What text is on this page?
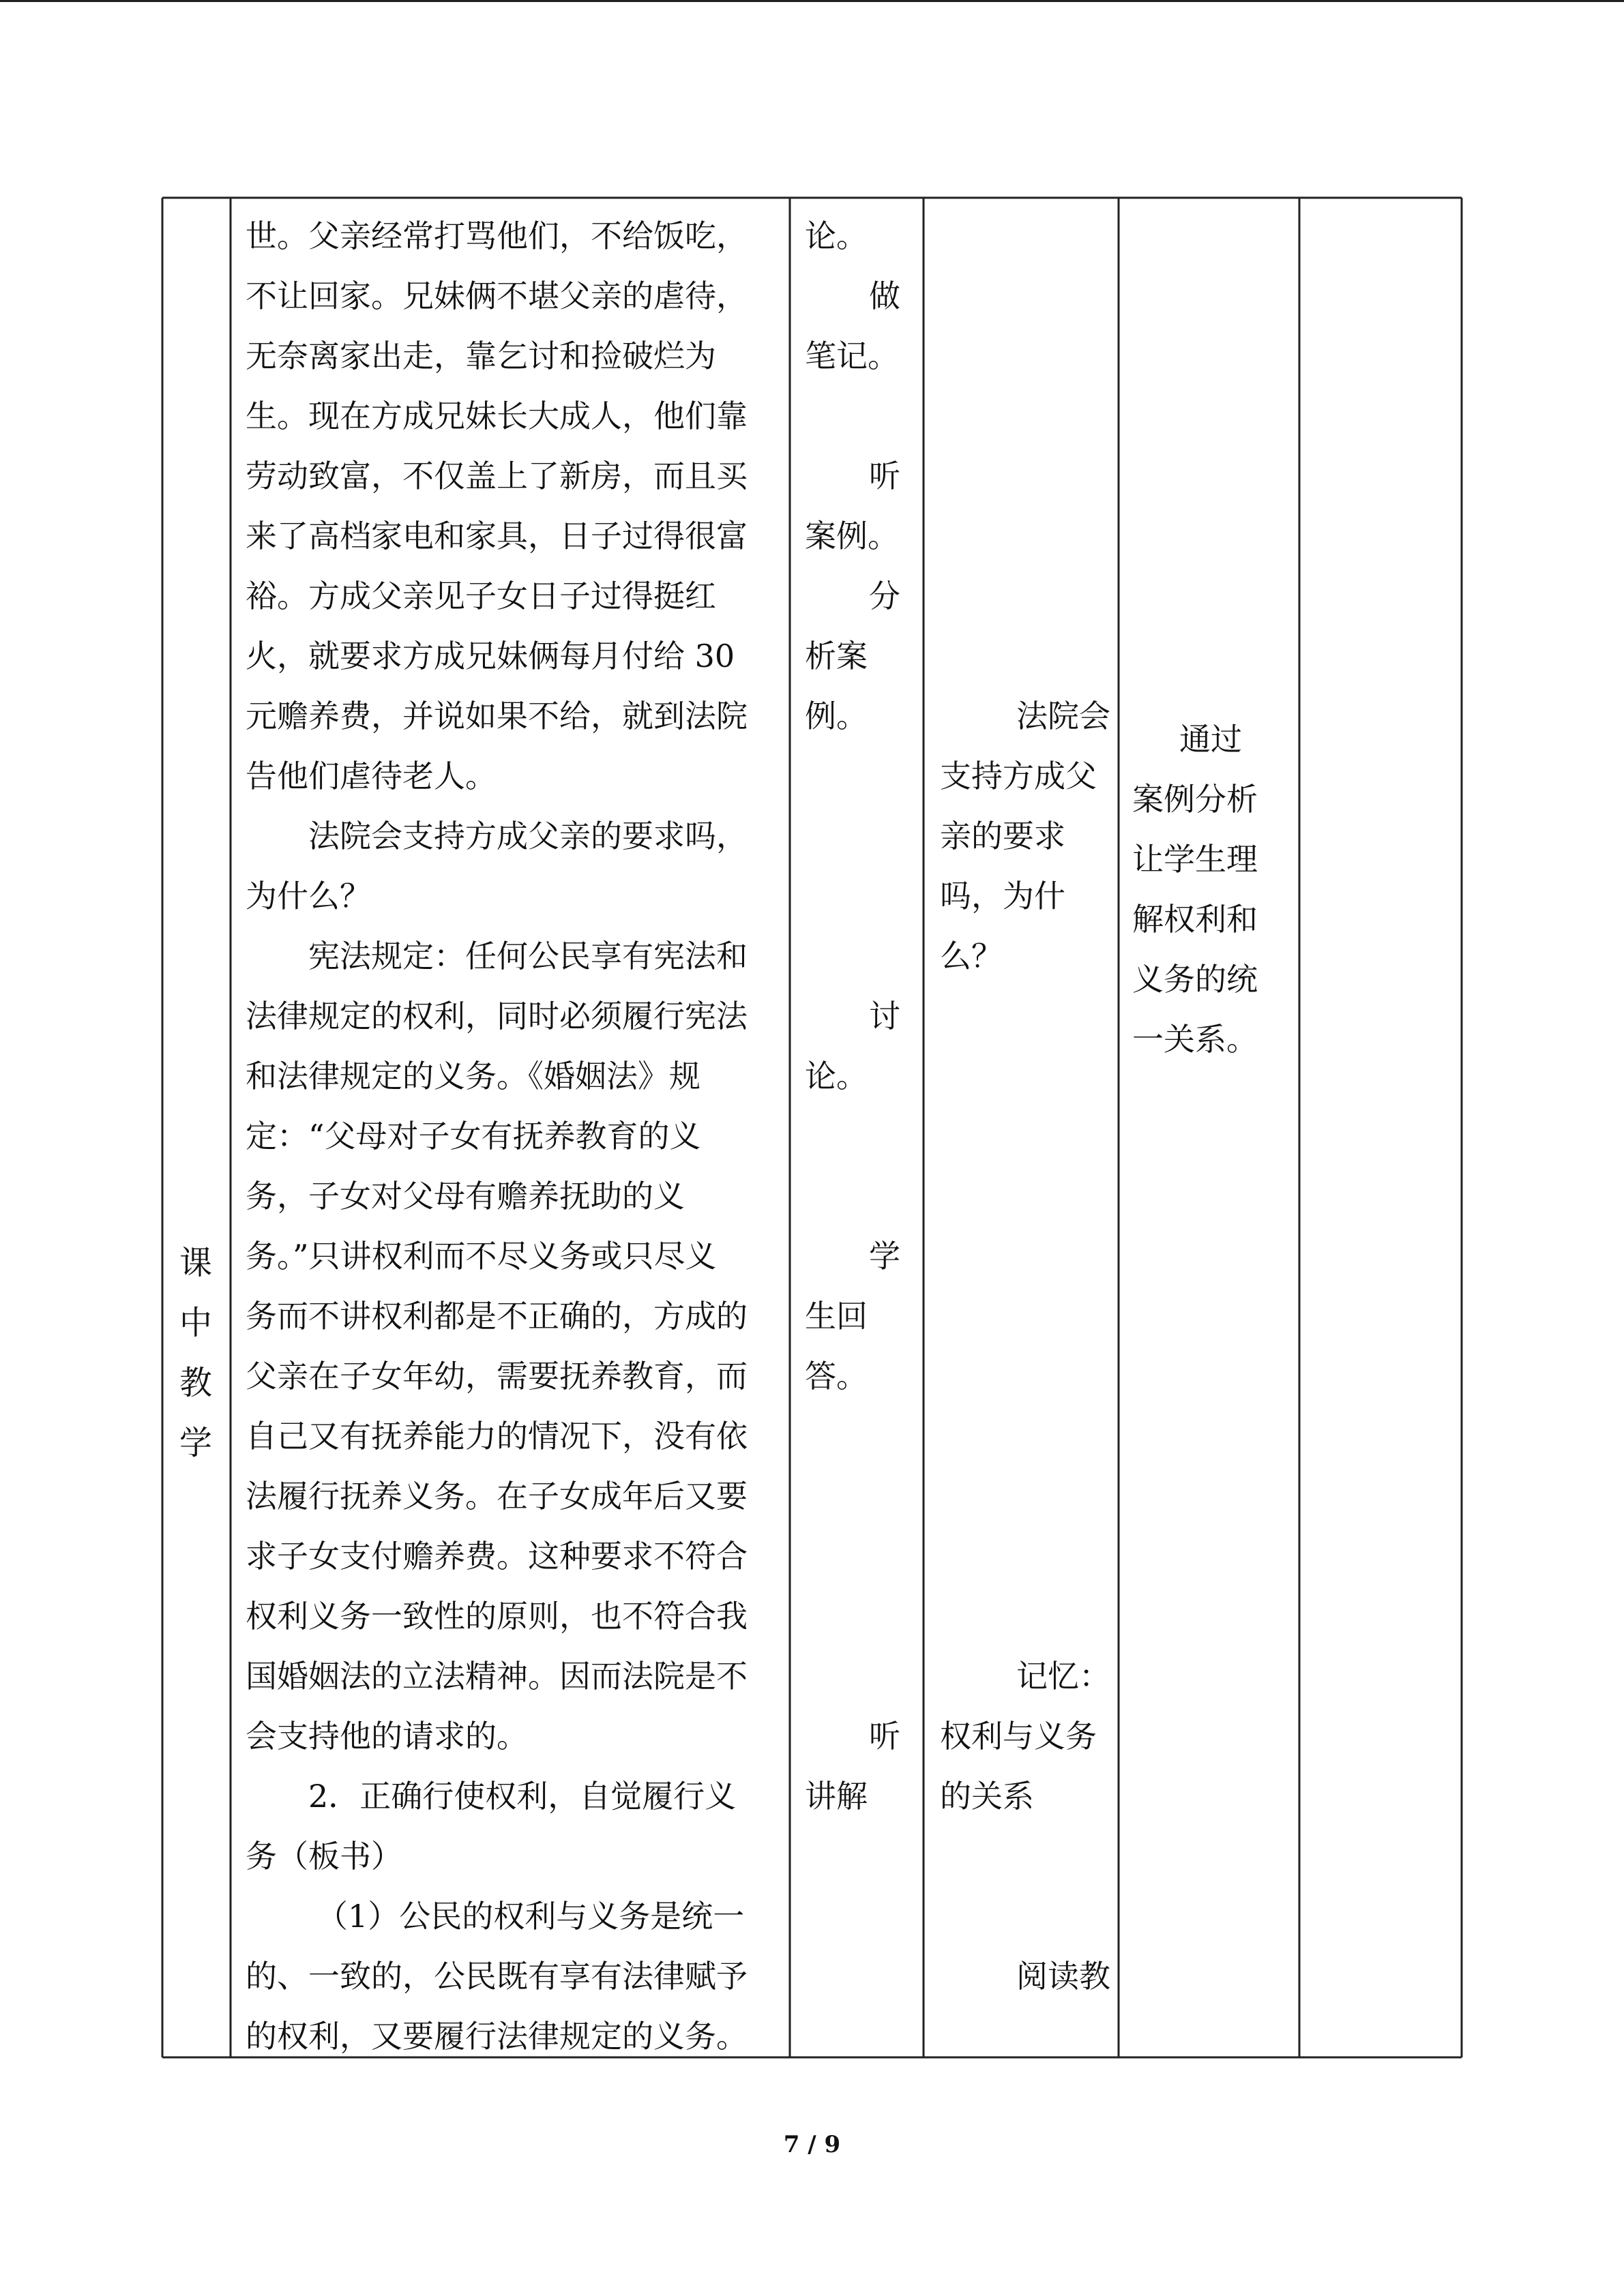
课
中
教
学
世。父亲经常打骂他们，不给饭吃，
不让回家。兄妹俩不堪父亲的虐待，
无奈离家出走，靠乞讨和捡破烂为
生。现在方成兄妹长大成人，他们靠
劳动致富，不仅盖上了新房，而且买
来了高档家电和家具，日子过得很富
裕。方成父亲见子女日子过得挺红
火，就要求方成兄妹俩每月付给 30
元赡养费，并说如果不给，就到法院
告他们虐待老人。
法院会支持方成父亲的要求吗，
为什么？
宪法规定：任何公民享有宪法和
法律规定的权利，同时必须履行宪法
和法律规定的义务。《婚姻法》规
定：“父母对子女有抚养教育的义
务，子女对父母有赡养抚助的义
务。”只讲权利而不尽义务或只尽义
务而不讲权利都是不正确的，方成的
父亲在子女年幼，需要抚养教育，而
自己又有抚养能力的情况下，没有依
法履行抚养义务。在子女成年后又要
求子女支付赡养费。这种要求不符合
权利义务一致性的原则，也不符合我
国婚姻法的立法精神。因而法院是不
会支持他的请求的。
2．正确行使权利，自觉履行义
务（板书）
（1）公民的权利与义务是统一
的、一致的，公民既有享有法律赋予
的权利，又要履行法律规定的义务。
论。
做
笔记。
听
案例。
分
析案
例。
讨
论。
学
生回
答。
听
讲解
法院会
支持方成父
亲的要求
吗，为什
么？
记忆：
权利与义务
的关系
阅读教
通过
案例分析
让学生理
解权利和
义务的统
一关系。
7 / 9
